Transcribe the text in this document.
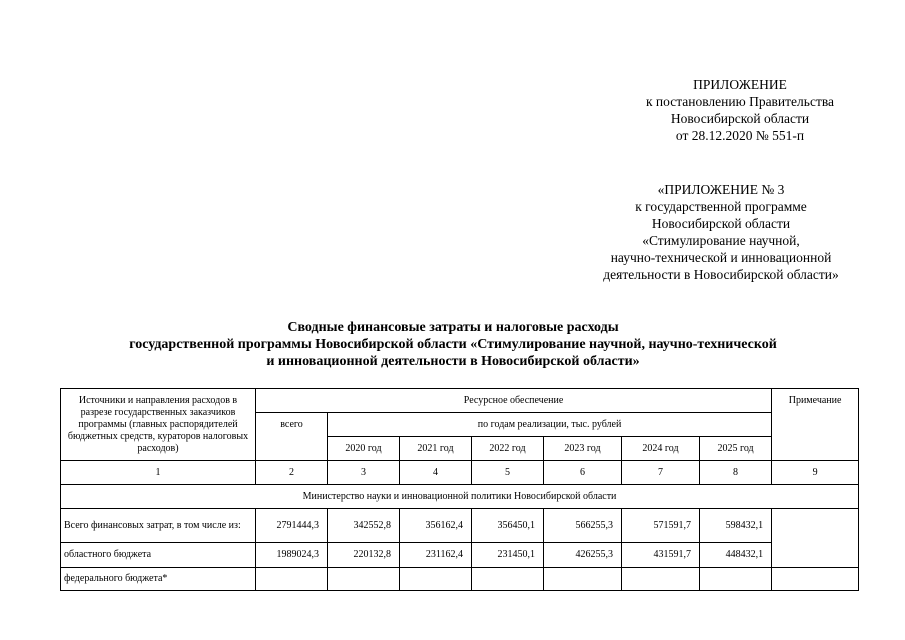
ПРИЛОЖЕНИЕ
к постановлению Правительства
Новосибирской области
от 28.12.2020 № 551-п
«ПРИЛОЖЕНИЕ № 3
к государственной программе
Новосибирской области
«Стимулирование научной,
научно-технической и инновационной
деятельности в Новосибирской области»
Сводные финансовые затраты и налоговые расходы
государственной программы Новосибирской области «Стимулирование научной, научно-технической
и инновационной деятельности в Новосибирской области»
Источники и направления расходов в разрезе государственных заказчиков программы (главных распорядителей бюджетных средств, кураторов налоговых расходов)	Ресурсное обеспечение							Примечание
	всего	по годам реализации, тыс. рублей						
		2020 год	2021 год	2022 год	2023 год	2024 год	2025 год	
1	2	3	4	5	6	7	8	9
Министерство науки и инновационной политики Новосибирской области								
Всего финансовых затрат, в том числе из:	2791444,3	342552,8	356162,4	356450,1	566255,3	571591,7	598432,1	
областного бюджета	1989024,3	220132,8	231162,4	231450,1	426255,3	431591,7	448432,1	
федерального бюджета*								
